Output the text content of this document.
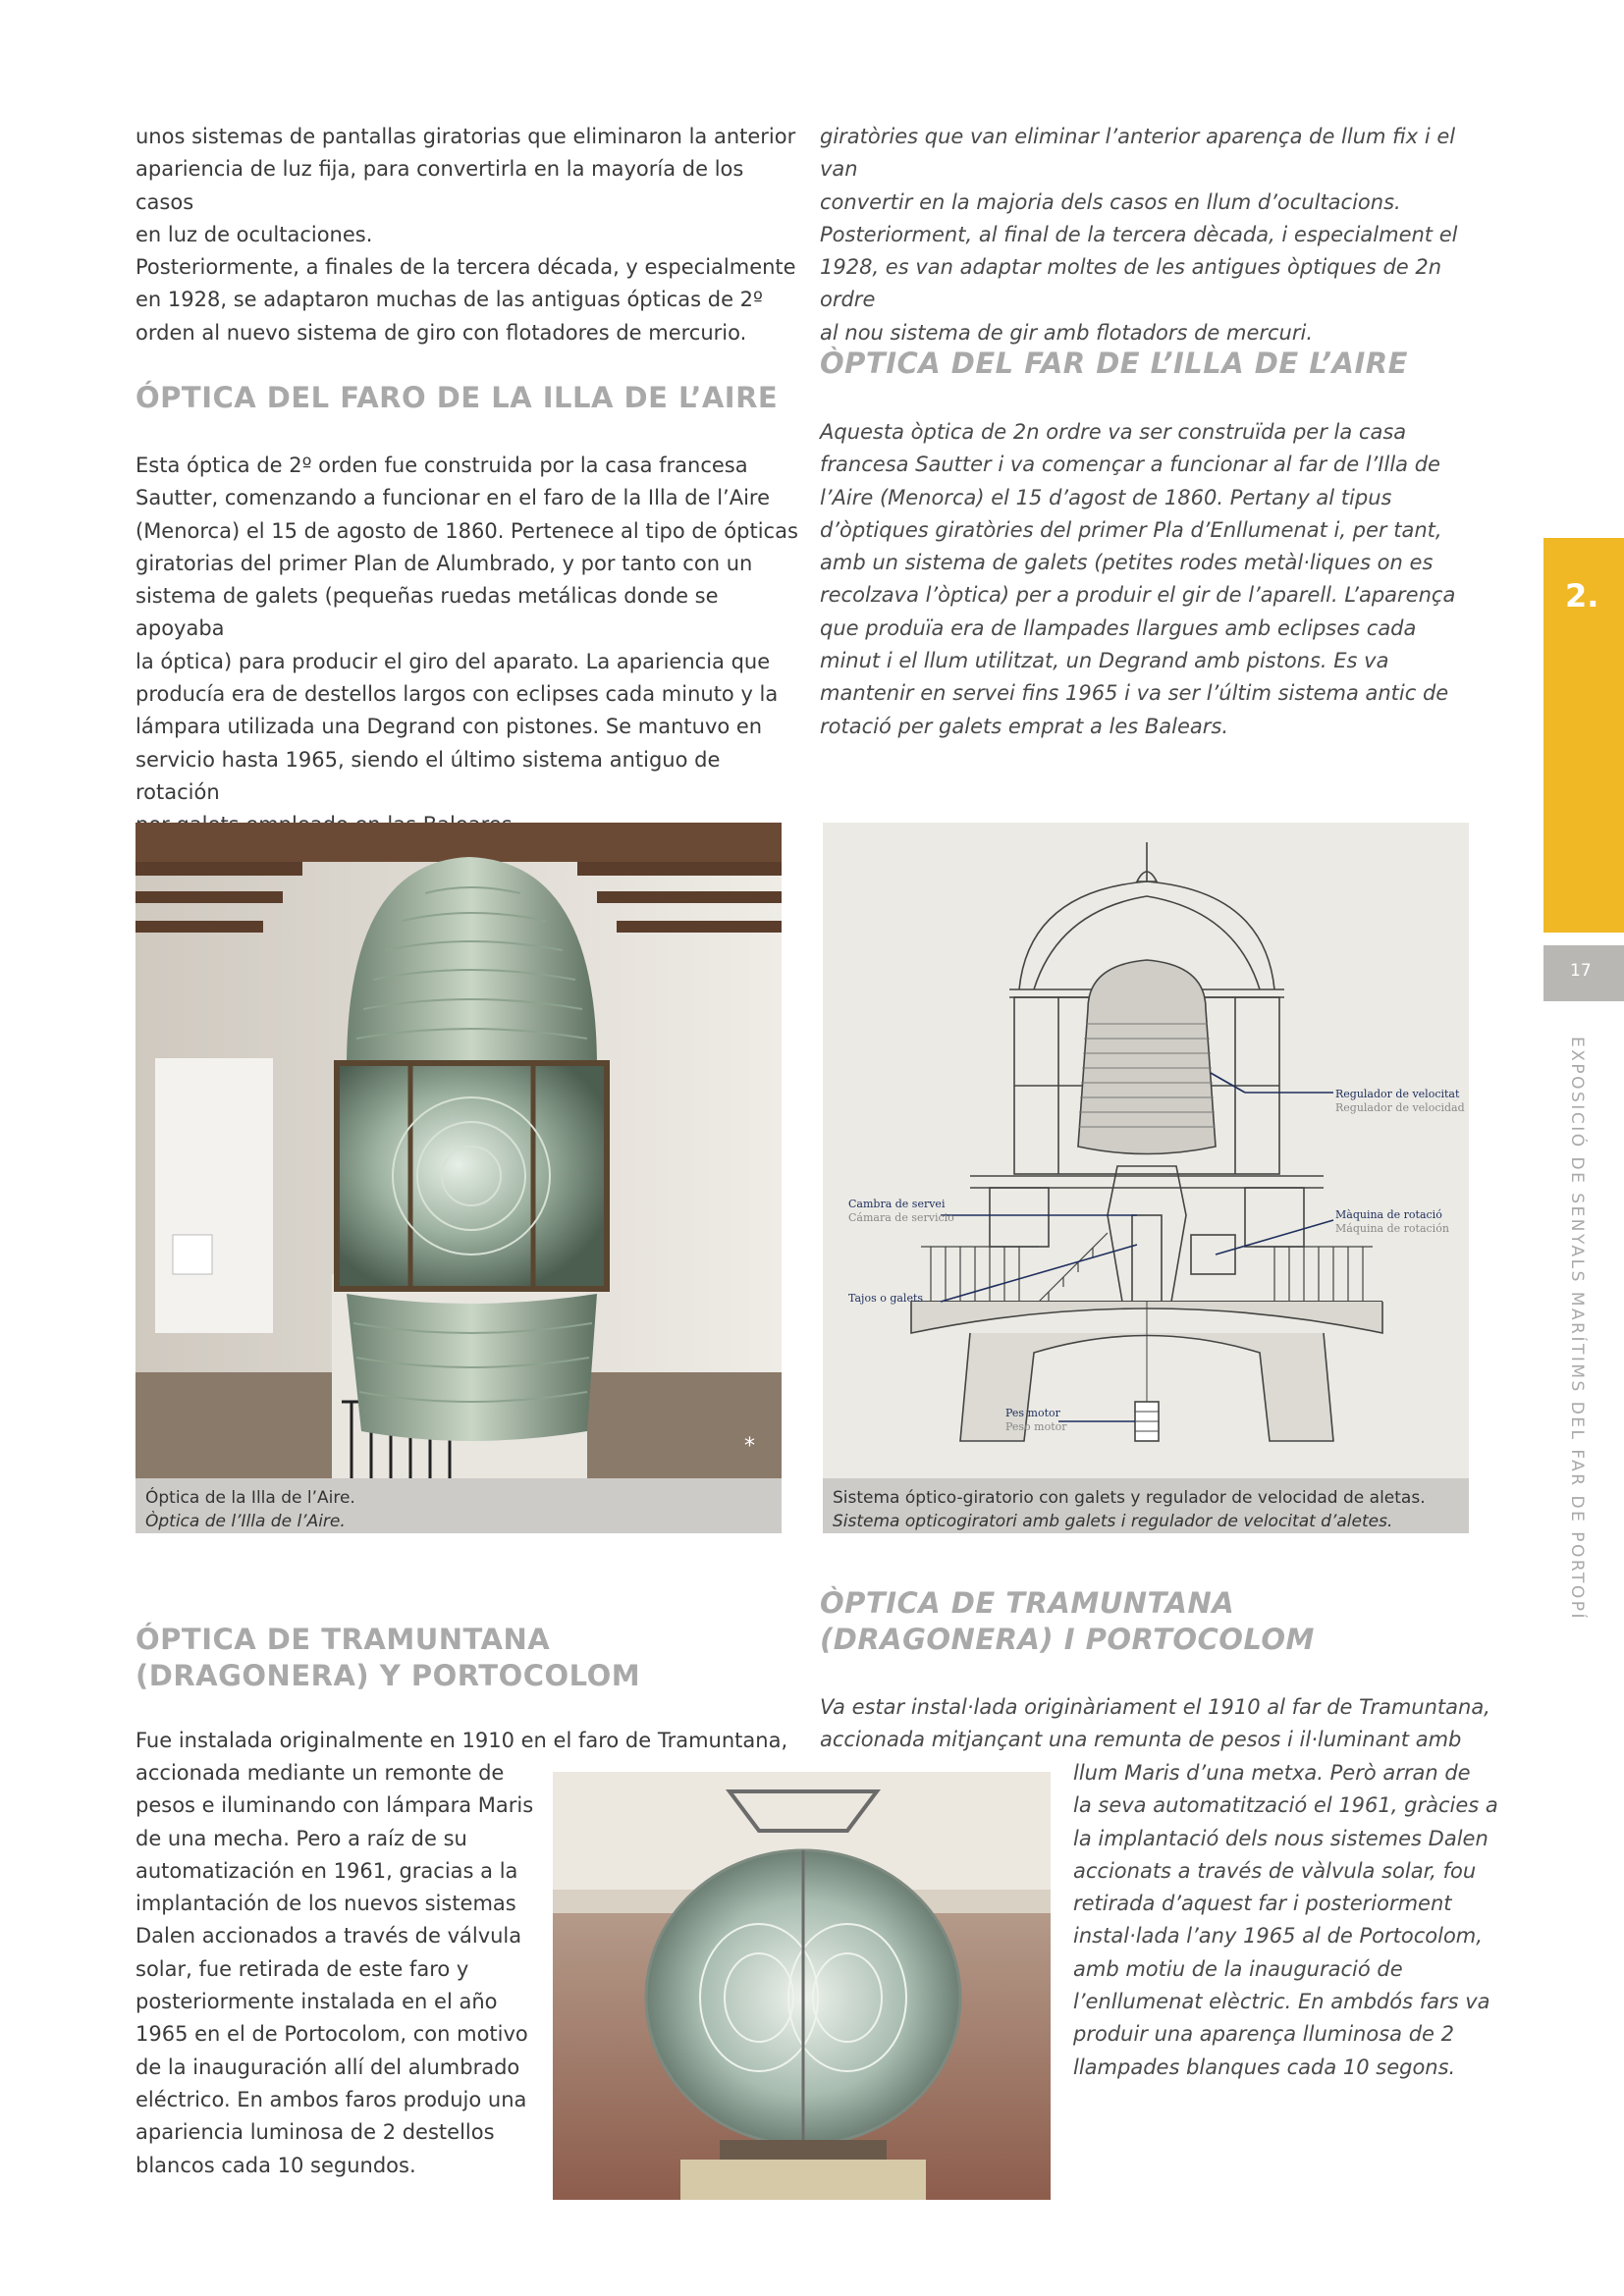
2.
17
EXPOSICIÓ DE SENYALS MARÍTIMS DEL FAR DE PORTOPÍ
unos sistemas de pantallas giratorias que eliminaron la anterior
apariencia de luz fija, para convertirla en la mayoría de los casos
en luz de ocultaciones.
Posteriormente, a finales de la tercera década, y especialmente
en 1928, se adaptaron muchas de las antiguas ópticas de 2º
orden al nuevo sistema de giro con flotadores de mercurio.
giratòries que van eliminar l’anterior aparença de llum fix i el van
convertir en la majoria dels casos en llum d’ocultacions.
Posteriorment, al final de la tercera dècada, i especialment el
1928, es van adaptar moltes de les antigues òptiques de 2n ordre
al nou sistema de gir amb flotadors de mercuri.
ÓPTICA DEL FARO DE LA ILLA DE L’AIRE
ÒPTICA DEL FAR DE L’ILLA DE L’AIRE
Esta óptica de 2º orden fue construida por la casa francesa
Sautter, comenzando a funcionar en el faro de la Illa de l’Aire
(Menorca) el 15 de agosto de 1860. Pertenece al tipo de ópticas
giratorias del primer Plan de Alumbrado, y por tanto con un
sistema de galets (pequeñas ruedas metálicas donde se apoyaba
la óptica) para producir el giro del aparato. La apariencia que
producía era de destellos largos con eclipses cada minuto y la
lámpara utilizada una Degrand con pistones. Se mantuvo en
servicio hasta 1965, siendo el último sistema antiguo de rotación
Aquesta òptica de 2n ordre va ser construïda per la casa
francesa Sautter i va començar a funcionar al far de l’Illa de
l’Aire (Menorca) el 15 d’agost de 1860. Pertany al tipus
d’òptiques giratòries del primer Pla d’Enllumenat i, per tant,
amb un sistema de galets (petites rodes metàl·liques on es
recolzava l’òptica) per a produir el gir de l’aparell. L’aparença
que produïa era de llampades llargues amb eclipses cada
minut i el llum utilitzat, un Degrand amb pistons. Es va
mantenir en servei fins 1965 i va ser l’últim sistema antic de
rotació per galets emprat a les Balears.
*
Óptica de la Illa de l’Aire.
Òptica de l’Illa de l’Aire.
Regulador de velocitat
Regulador de velocidad
Màquina de rotació
Máquina de rotación
Cambra de servei
Cámara de servicio
Tajos o galets
Pes motor
Peso motor
Sistema óptico-giratorio con galets y regulador de velocidad de aletas.
Sistema opticogiratori amb galets i regulador de velocitat d’aletes.
ÓPTICA DE TRAMUNTANA
(DRAGONERA) Y PORTOCOLOM
ÒPTICA DE TRAMUNTANA
(DRAGONERA) I PORTOCOLOM
Fue instalada originalmente en 1910 en el faro de Tramuntana,
accionada mediante un remonte de
pesos e iluminando con lámpara Maris
de una mecha. Pero a raíz de su
automatización en 1961, gracias a la
implantación de los nuevos sistemas
Dalen accionados a través de válvula
solar, fue retirada de este faro y
posteriormente instalada en el año
1965 en el de Portocolom, con motivo
de la inauguración allí del alumbrado
eléctrico. En ambos faros produjo una
apariencia luminosa de 2 destellos
blancos cada 10 segundos.
Va estar instal·lada originàriament el 1910 al far de Tramuntana,
accionada mitjançant una remunta de pesos i il·luminant amb
llum Maris d’una metxa. Però arran de
la seva automatització el 1961, gràcies a
la implantació dels nous sistemes Dalen
accionats a través de vàlvula solar, fou
retirada d’aquest far i posteriorment
instal·lada l’any 1965 al de Portocolom,
amb motiu de la inauguració de
l’enllumenat elèctric. En ambdós fars va
produir una aparença lluminosa de 2
llampades blanques cada 10 segons.
